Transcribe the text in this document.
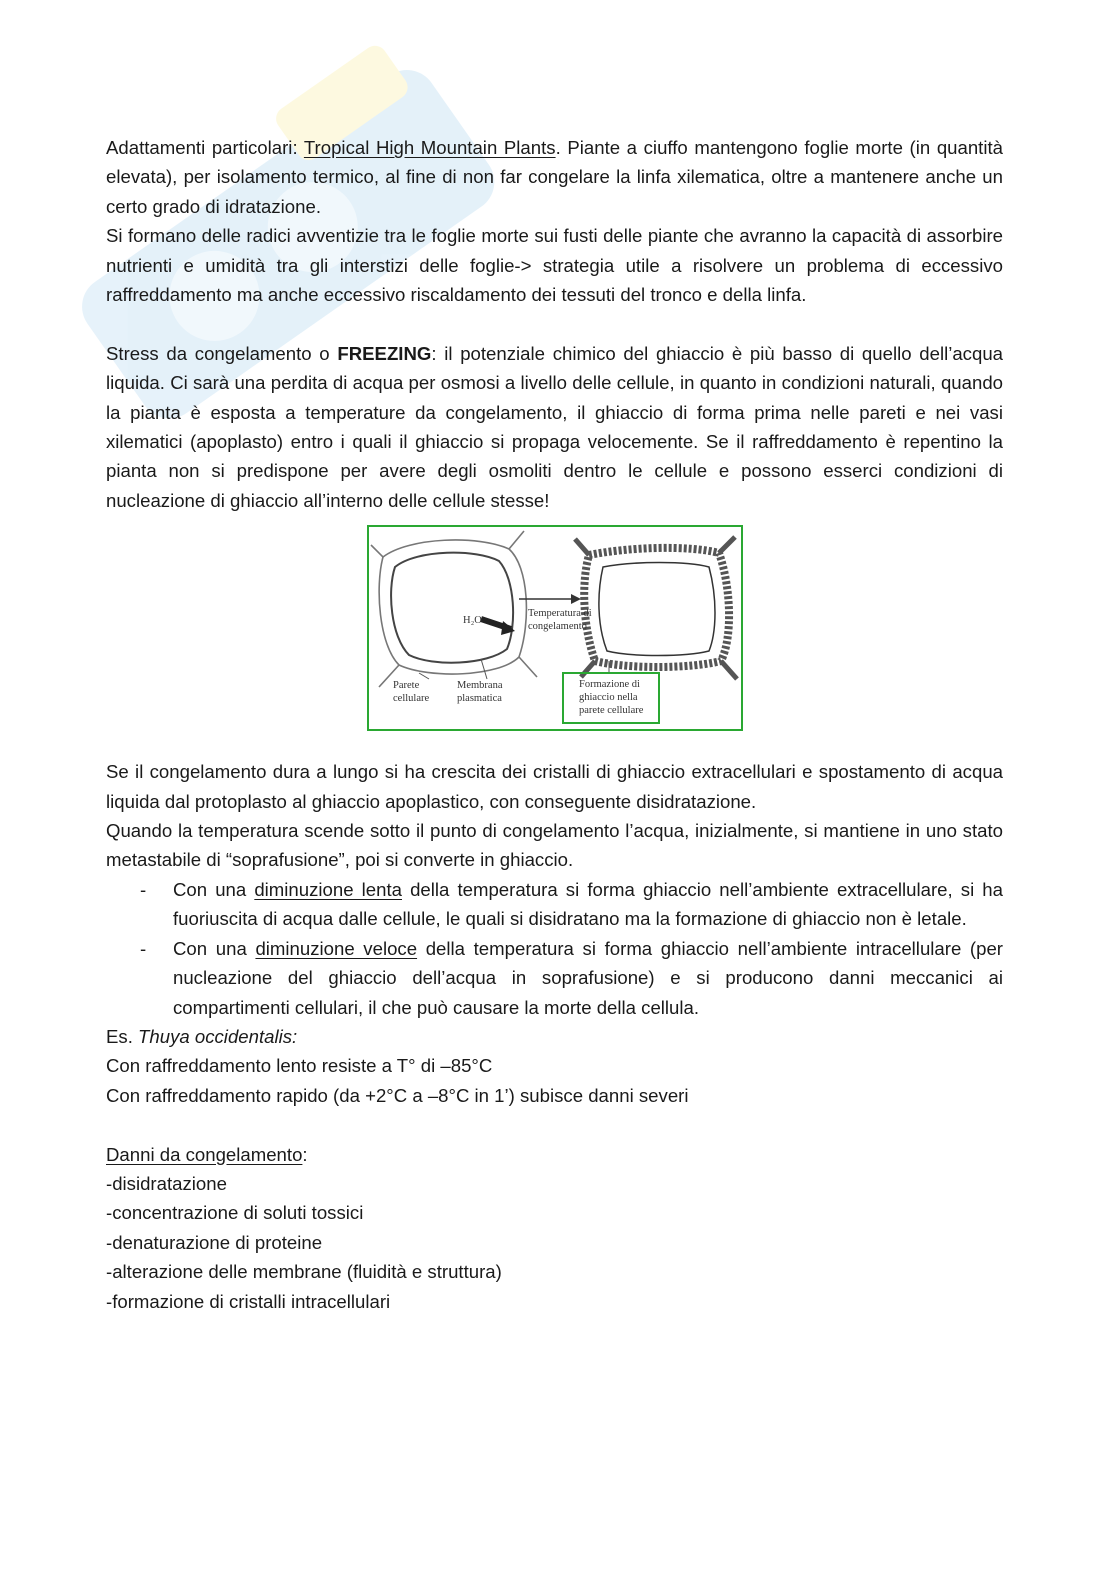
Adattamenti particolari: Tropical High Mountain Plants. Piante a ciuffo mantengono foglie morte (in quantità elevata), per isolamento termico, al fine di non far congelare la linfa xilematica, oltre a mantenere anche un certo grado di idratazione.

Si formano delle radici avventizie tra le foglie morte sui fusti delle piante che avranno la capacità di assorbire nutrienti e umidità tra gli interstizi delle foglie-> strategia utile a risolvere un problema di eccessivo raffreddamento ma anche eccessivo riscaldamento dei tessuti del tronco e della linfa.

Stress da congelamento o FREEZING: il potenziale chimico del ghiaccio è più basso di quello dell’acqua liquida. Ci sarà una perdita di acqua per osmosi a livello delle cellule, in quanto in condizioni naturali, quando la pianta è esposta a temperature da congelamento, il ghiaccio di forma prima nelle pareti e nei vasi xilematici (apoplasto) entro i quali il ghiaccio si propaga velocemente. Se il raffreddamento è repentino la pianta non si predispone per avere degli osmoliti dentro le cellule e possono esserci condizioni di nucleazione di ghiaccio all’interno delle cellule stesse!

H₂O
Temperatura di
congelamento
Parete
cellulare
Membrana
plasmatica
Formazione di
ghiaccio nella
parete cellulare

Se il congelamento dura a lungo si ha crescita dei cristalli di ghiaccio extracellulari e spostamento di acqua liquida dal protoplasto al ghiaccio apoplastico, con conseguente disidratazione.

Quando la temperatura scende sotto il punto di congelamento l’acqua, inizialmente, si mantiene in uno stato metastabile di “soprafusione”, poi si converte in ghiaccio.

- Con una diminuzione lenta della temperatura si forma ghiaccio nell’ambiente extracellulare, si ha fuoriuscita di acqua dalle cellule, le quali si disidratano ma la formazione di ghiaccio non è letale.
- Con una diminuzione veloce della temperatura si forma ghiaccio nell’ambiente intracellulare (per nucleazione del ghiaccio dell’acqua in soprafusione) e si producono danni meccanici ai compartimenti cellulari, il che può causare la morte della cellula.

Es. Thuya occidentalis:

Con raffreddamento lento resiste a T° di –85°C

Con raffreddamento rapido (da +2°C a –8°C in 1’) subisce danni severi

Danni da congelamento:

-disidratazione

-concentrazione di soluti tossici

-denaturazione di proteine

-alterazione delle membrane (fluidità e struttura)

-formazione di cristalli intracellulari
